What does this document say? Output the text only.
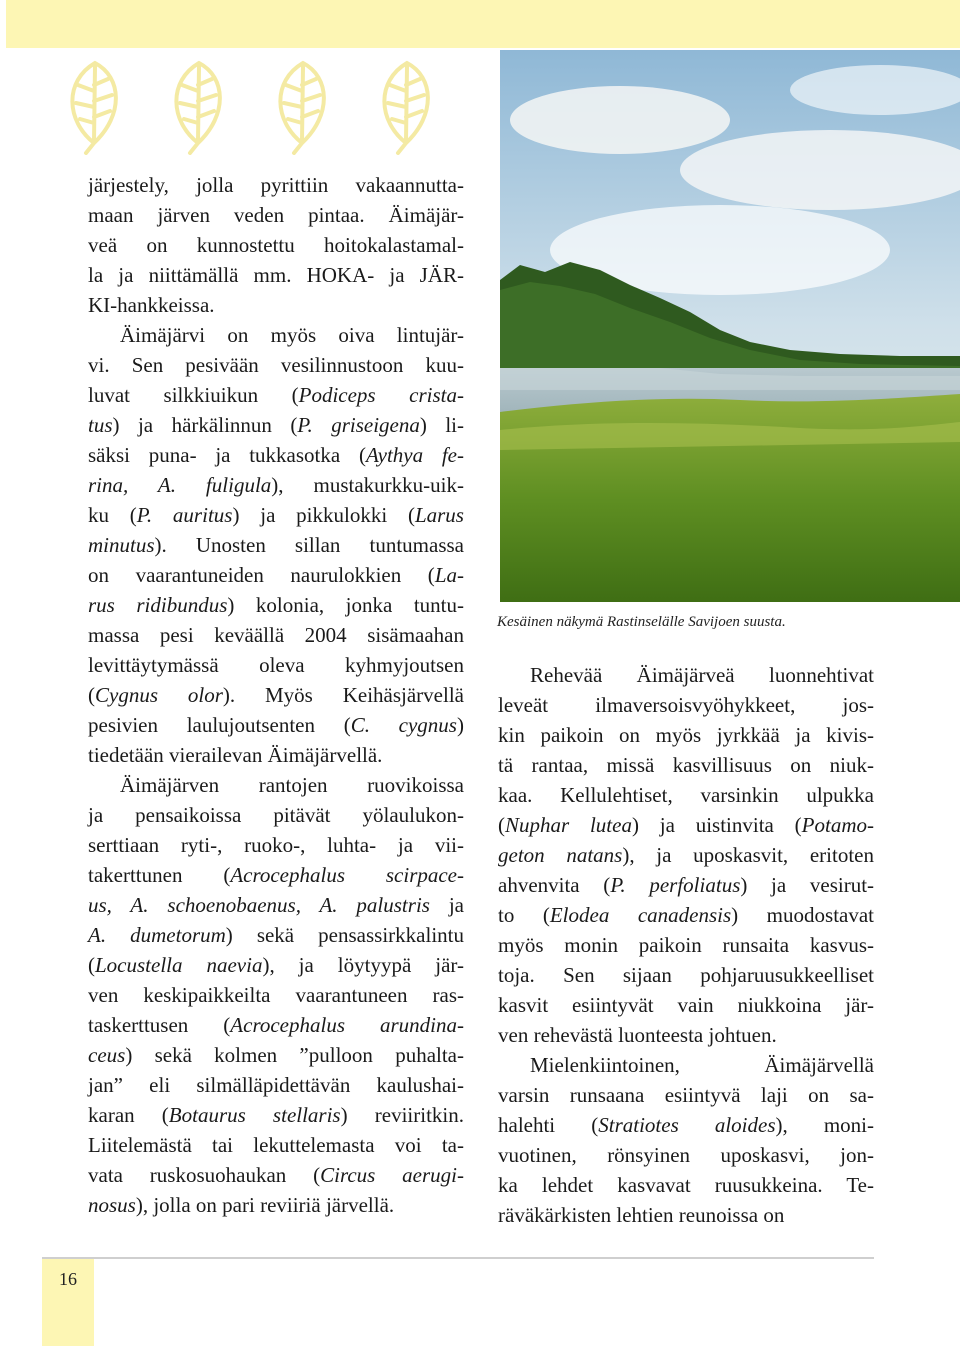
Kesäinen näkymä Rastinselälle Savijoen suusta.
järjestely, jolla pyrittiin vakaannutta-
maan järven veden pintaa. Äimäjär-
veä on kunnostettu hoitokalastamal-
la ja niittämällä mm. HOKA- ja JÄR-
KI-hankkeissa.
Äimäjärvi on myös oiva lintujär-
vi. Sen pesivään vesilinnustoon kuu-
luvat silkkiuikun (Podiceps crista-
tus) ja härkälinnun (P. griseigena) li-
säksi puna- ja tukkasotka (Aythya fe-
rina, A. fuligula), mustakurkku-uik-
ku (P. auritus) ja pikkulokki (Larus
minutus). Unosten sillan tuntumassa
on vaarantuneiden naurulokkien (La-
rus ridibundus) kolonia, jonka tuntu-
massa pesi keväällä 2004 sisämaahan
levittäytymässä oleva kyhmyjoutsen
(Cygnus olor). Myös Keihäsjärvellä
pesivien laulujoutsenten (C. cygnus)
tiedetään vierailevan Äimäjärvellä.
Äimäjärven rantojen ruovikoissa
ja pensaikoissa pitävät yölaulukon-
serttiaan ryti-, ruoko-, luhta- ja vii-
takerttunen (Acrocephalus scirpace-
us, A. schoenobaenus, A. palustris ja
A. dumetorum) sekä pensassirkkalintu
(Locustella naevia), ja löytyypä jär-
ven keskipaikkeilta vaarantuneen ras-
taskerttusen (Acrocephalus arundina-
ceus) sekä kolmen ”pulloon puhalta-
jan” eli silmälläpidettävän kaulushai-
karan (Botaurus stellaris) reviiritkin.
Liitelemästä tai lekuttelemasta voi ta-
vata ruskosuohaukan (Circus aerugi-
nosus), jolla on pari reviiriä järvellä.
Rehevää Äimäjärveä luonnehtivat
leveät ilmaversoisvyöhykkeet, jos-
kin paikoin on myös jyrkkää ja kivis-
tä rantaa, missä kasvillisuus on niuk-
kaa. Kellulehtiset, varsinkin ulpukka
(Nuphar lutea) ja uistinvita (Potamo-
geton natans), ja uposkasvit, eritoten
ahvenvita (P. perfoliatus) ja vesirut-
to (Elodea canadensis) muodostavat
myös monin paikoin runsaita kasvus-
toja. Sen sijaan pohjaruusukkeelliset
kasvit esiintyvät vain niukkoina jär-
ven rehevästä luonteesta johtuen.
Mielenkiintoinen, Äimäjärvellä
varsin runsaana esiintyvä laji on sa-
halehti (Stratiotes aloides), moni-
vuotinen, rönsyinen uposkasvi, jon-
ka lehdet kasvavat ruusukkeina. Te-
räväkärkisten lehtien reunoissa on
16
